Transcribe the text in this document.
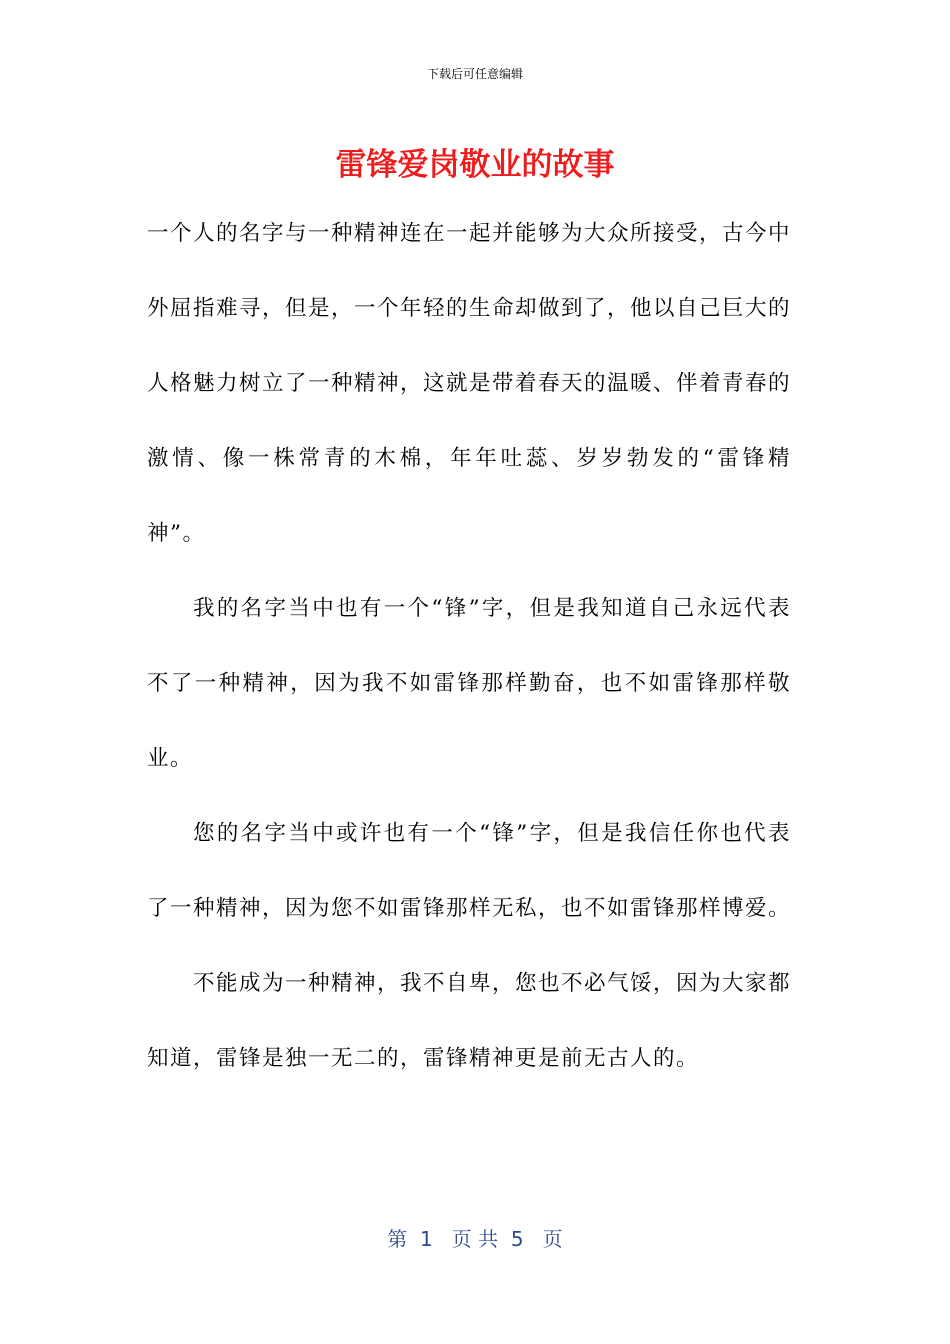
下载后可任意编辑
雷锋爱岗敬业的故事

一个人的名字与一种精神连在一起并能够为大众所接受，古今中外屈指难寻，但是，一个年轻的生命却做到了，他以自己巨大的人格魅力树立了一种精神，这就是带着春天的温暖、伴着青春的激情、像一株常青的木棉，年年吐蕊、岁岁勃发的“雷锋精神”。

我的名字当中也有一个“锋”字，但是我知道自己永远代表不了一种精神，因为我不如雷锋那样勤奋，也不如雷锋那样敬业。

您的名字当中或许也有一个“锋”字，但是我信任你也代表了一种精神，因为您不如雷锋那样无私，也不如雷锋那样博爱。

不能成为一种精神，我不自卑，您也不必气馁，因为大家都知道，雷锋是独一无二的，雷锋精神更是前无古人的。

第  1   页 共  5   页
